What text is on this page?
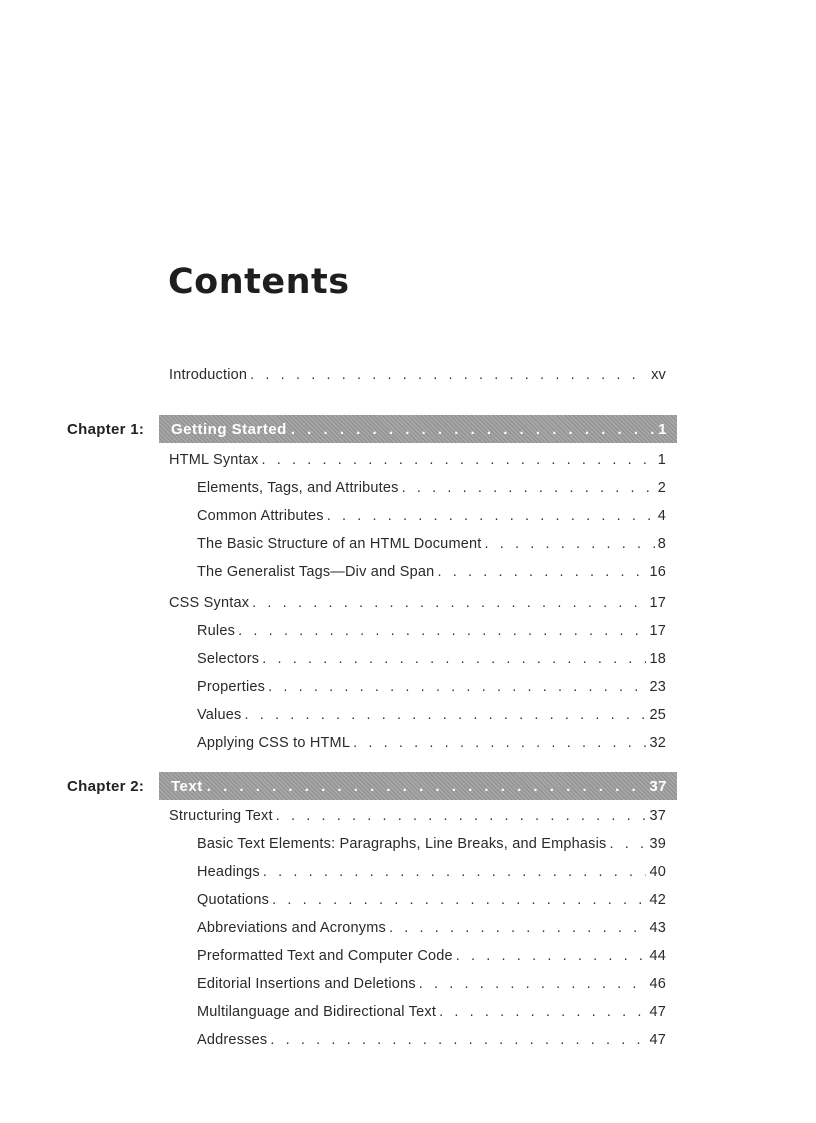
Contents
Introduction . . .	xv
Chapter 1: Getting Started . . .	1
HTML Syntax . . .	1
Elements, Tags, and Attributes . . .	2
Common Attributes . . .	4
The Basic Structure of an HTML Document . . .	8
The Generalist Tags—Div and Span . . .	16
CSS Syntax . . .	17
Rules . . .	17
Selectors . . .	18
Properties . . .	23
Values . . .	25
Applying CSS to HTML . . .	32
Chapter 2: Text . . .	37
Structuring Text . . .	37
Basic Text Elements: Paragraphs, Line Breaks, and Emphasis . . .	39
Headings . . .	40
Quotations . . .	42
Abbreviations and Acronyms . . .	43
Preformatted Text and Computer Code . . .	44
Editorial Insertions and Deletions . . .	46
Multilanguage and Bidirectional Text . . .	47
Addresses . . .	47
